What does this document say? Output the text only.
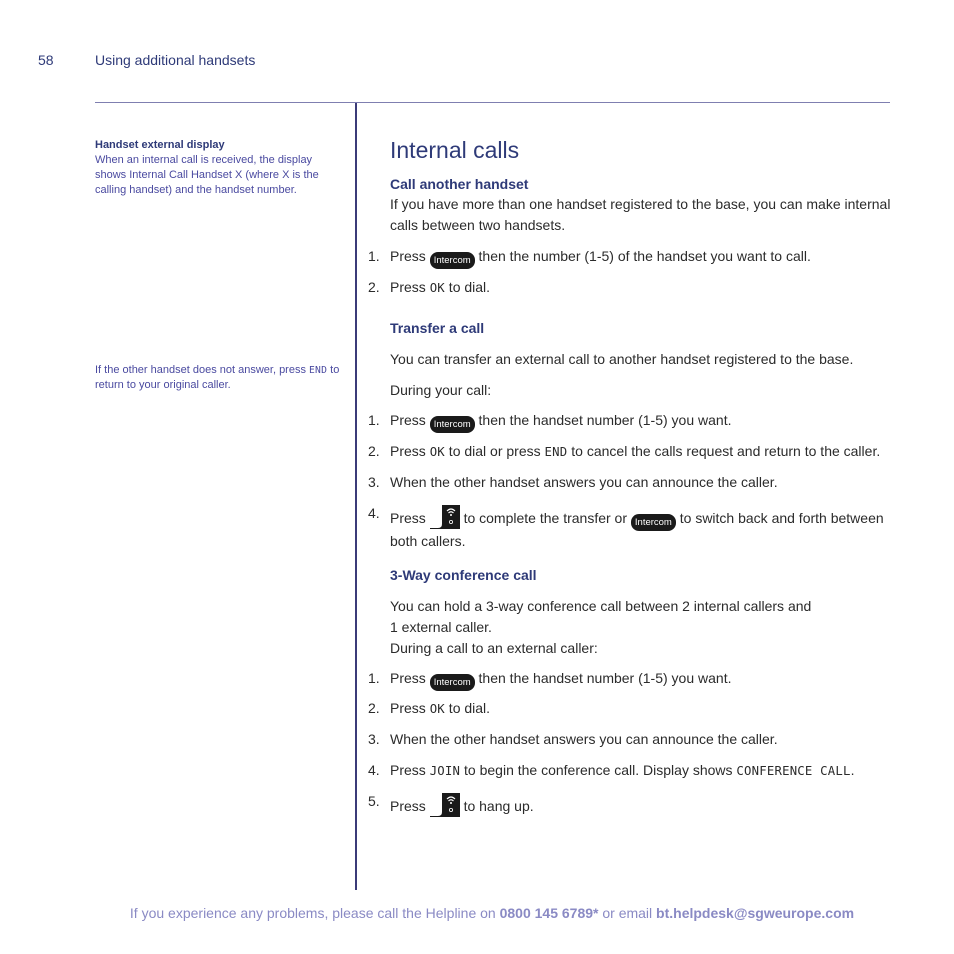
58	Using additional handsets
Handset external display
When an internal call is received, the display shows Internal Call Handset X (where X is the calling handset) and the handset number.
If the other handset does not answer, press END to return to your original caller.
Internal calls
Call another handset
If you have more than one handset registered to the base, you can make internal calls between two handsets.
1. Press Intercom then the number (1-5) of the handset you want to call.
2. Press OK to dial.
Transfer a call
You can transfer an external call to another handset registered to the base.
During your call:
1. Press Intercom then the handset number (1-5) you want.
2. Press OK to dial or press END to cancel the calls request and return to the caller.
3. When the other handset answers you can announce the caller.
4. Press  to complete the transfer or Intercom to switch back and forth between both callers.
3-Way conference call
You can hold a 3-way conference call between 2 internal callers and
1 external caller.
During a call to an external caller:
1. Press Intercom then the handset number (1-5) you want.
2. Press OK to dial.
3. When the other handset answers you can announce the caller.
4. Press JOIN to begin the conference call. Display shows CONFERENCE CALL.
5. Press  to hang up.
If you experience any problems, please call the Helpline on 0800 145 6789* or email bt.helpdesk@sgweurope.com
